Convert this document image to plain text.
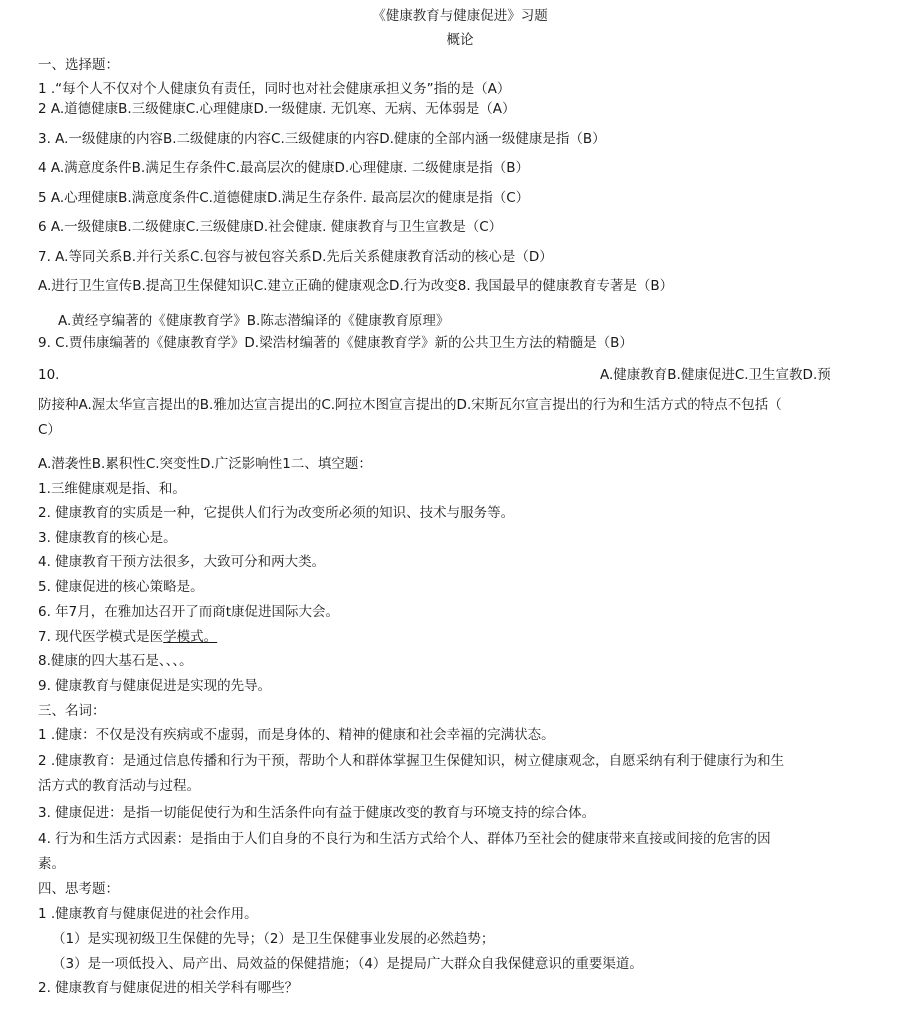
《健康教育与健康促进》习题
概论
一、选择题：
1 .“每个人不仅对个人健康负有责任，同时也对社会健康承担义务”指的是（A）
2 A.道德健康B.三级健康C.心理健康D.一级健康. 无饥寒、无病、无体弱是（A）
3. A.一级健康的内容B.二级健康的内容C.三级健康的内容D.健康的全部内涵一级健康是指（B）
4 A.满意度条件B.满足生存条件C.最高层次的健康D.心理健康. 二级健康是指（B）
5 A.心理健康B.满意度条件C.道德健康D.满足生存条件. 最高层次的健康是指（C）
6 A.一级健康B.二级健康C.三级健康D.社会健康. 健康教育与卫生宣教是（C）
7. A.等同关系B.并行关系C.包容与被包容关系D.先后关系健康教育活动的核心是（D）
A.进行卫生宣传B.提高卫生保健知识C.建立正确的健康观念D.行为改变8. 我国最早的健康教育专著是（B）
A.黄经亨编著的《健康教育学》B.陈志潜编译的《健康教育原理》
9. C.贾伟康编著的《健康教育学》D.梁浩材编著的《健康教育学》新的公共卫生方法的精髓是（B）
10.	A.健康教育B.健康促进C.卫生宣教D.预
防接种A.渥太华宣言提出的B.雅加达宣言提出的C.阿拉木图宣言提出的D.宋斯瓦尔宣言提出的行为和生活方式的特点不包括（
C）
A.潜袭性B.累积性C.突变性D.广泛影响性1二、填空题：
1.三维健康观是指、和。
2. 健康教育的实质是一种，它提供人们行为改变所必须的知识、技术与服务等。
3. 健康教育的核心是。
4. 健康教育干预方法很多，大致可分和两大类。
5. 健康促进的核心策略是。
6. 年7月，在雅加达召开了而商t康促进国际大会。
7. 现代医学模式是医学模式。
8.健康的四大基石是、、、。
9. 健康教育与健康促进是实现的先导。
三、名词：
1 .健康：不仅是没有疾病或不虚弱，而是身体的、精神的健康和社会幸福的完满状态。
2 .健康教育：是通过信息传播和行为干预，帮助个人和群体掌握卫生保健知识，树立健康观念，自愿采纳有利于健康行为和生
活方式的教育活动与过程。
3. 健康促进：是指一切能促使行为和生活条件向有益于健康改变的教育与环境支持的综合体。
4. 行为和生活方式因素：是指由于人们自身的不良行为和生活方式给个人、群体乃至社会的健康带来直接或间接的危害的因
素。
四、思考题：
1 .健康教育与健康促进的社会作用。
（1）是实现初级卫生保健的先导；（2）是卫生保健事业发展的必然趋势；
（3）是一项低投入、局产出、局效益的保健措施；（4）是提局广大群众自我保健意识的重要渠道。
2. 健康教育与健康促进的相关学科有哪些？
